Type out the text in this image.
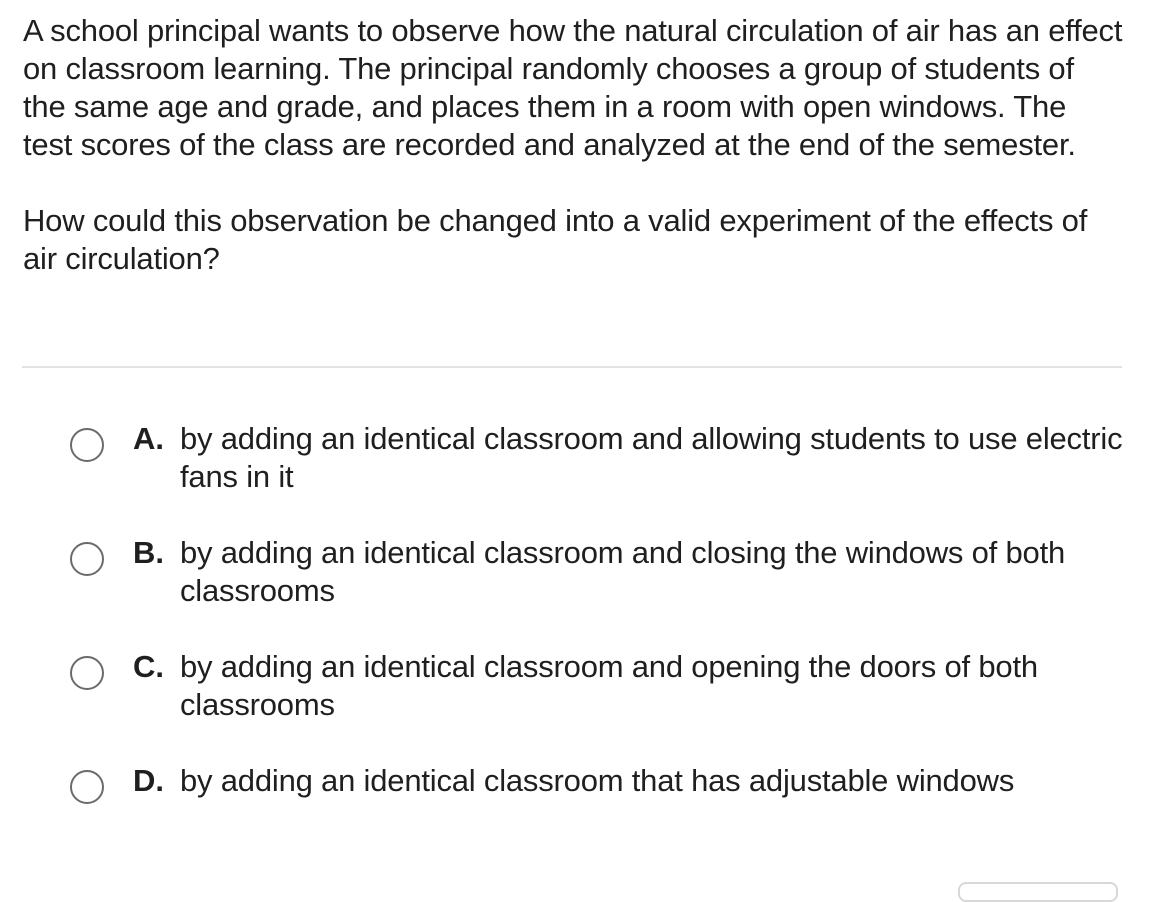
A school principal wants to observe how the natural circulation of air has an effect on classroom learning. The principal randomly chooses a group of students of the same age and grade, and places them in a room with open windows. The test scores of the class are recorded and analyzed at the end of the semester.

How could this observation be changed into a valid experiment of the effects of air circulation?

A. by adding an identical classroom and allowing students to use electric fans in it
B. by adding an identical classroom and closing the windows of both classrooms
C. by adding an identical classroom and opening the doors of both classrooms
D. by adding an identical classroom that has adjustable windows
